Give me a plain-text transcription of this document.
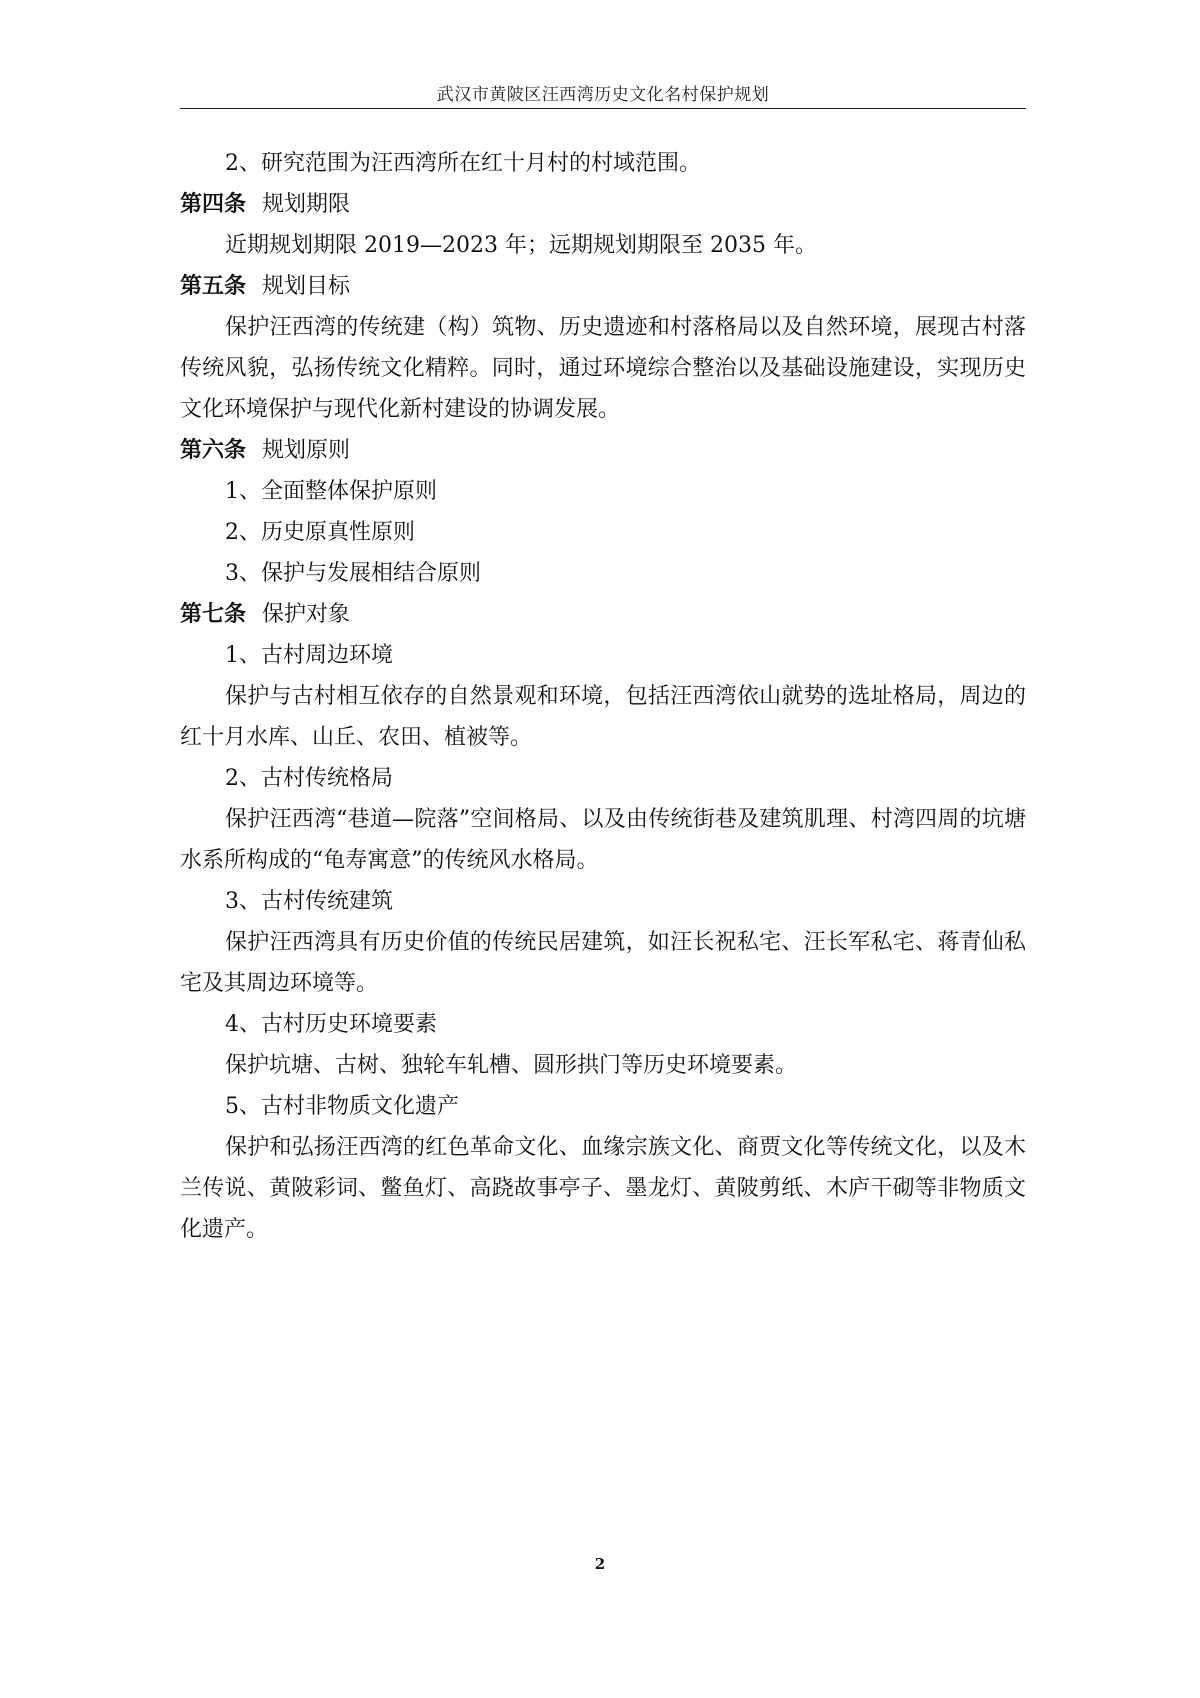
武汉市黄陂区汪西湾历史文化名村保护规划

2、研究范围为汪西湾所在红十月村的村域范围。

第四条 规划期限

近期规划期限 2019—2023 年；远期规划期限至 2035 年。

第五条 规划目标

保护汪西湾的传统建（构）筑物、历史遗迹和村落格局以及自然环境，展现古村落传统风貌，弘扬传统文化精粹。同时，通过环境综合整治以及基础设施建设，实现历史文化环境保护与现代化新村建设的协调发展。

第六条 规划原则

1、全面整体保护原则

2、历史原真性原则

3、保护与发展相结合原则

第七条 保护对象

1、古村周边环境

保护与古村相互依存的自然景观和环境，包括汪西湾依山就势的选址格局，周边的红十月水库、山丘、农田、植被等。

2、古村传统格局

保护汪西湾“巷道—院落”空间格局、以及由传统街巷及建筑肌理、村湾四周的坑塘水系所构成的“龟寿寓意”的传统风水格局。

3、古村传统建筑

保护汪西湾具有历史价值的传统民居建筑，如汪长祝私宅、汪长军私宅、蒋青仙私宅及其周边环境等。

4、古村历史环境要素

保护坑塘、古树、独轮车轧槽、圆形拱门等历史环境要素。

5、古村非物质文化遗产

保护和弘扬汪西湾的红色革命文化、血缘宗族文化、商贾文化等传统文化，以及木兰传说、黄陂彩词、鳖鱼灯、高跷故事亭子、墨龙灯、黄陂剪纸、木庐干砌等非物质文化遗产。

2
